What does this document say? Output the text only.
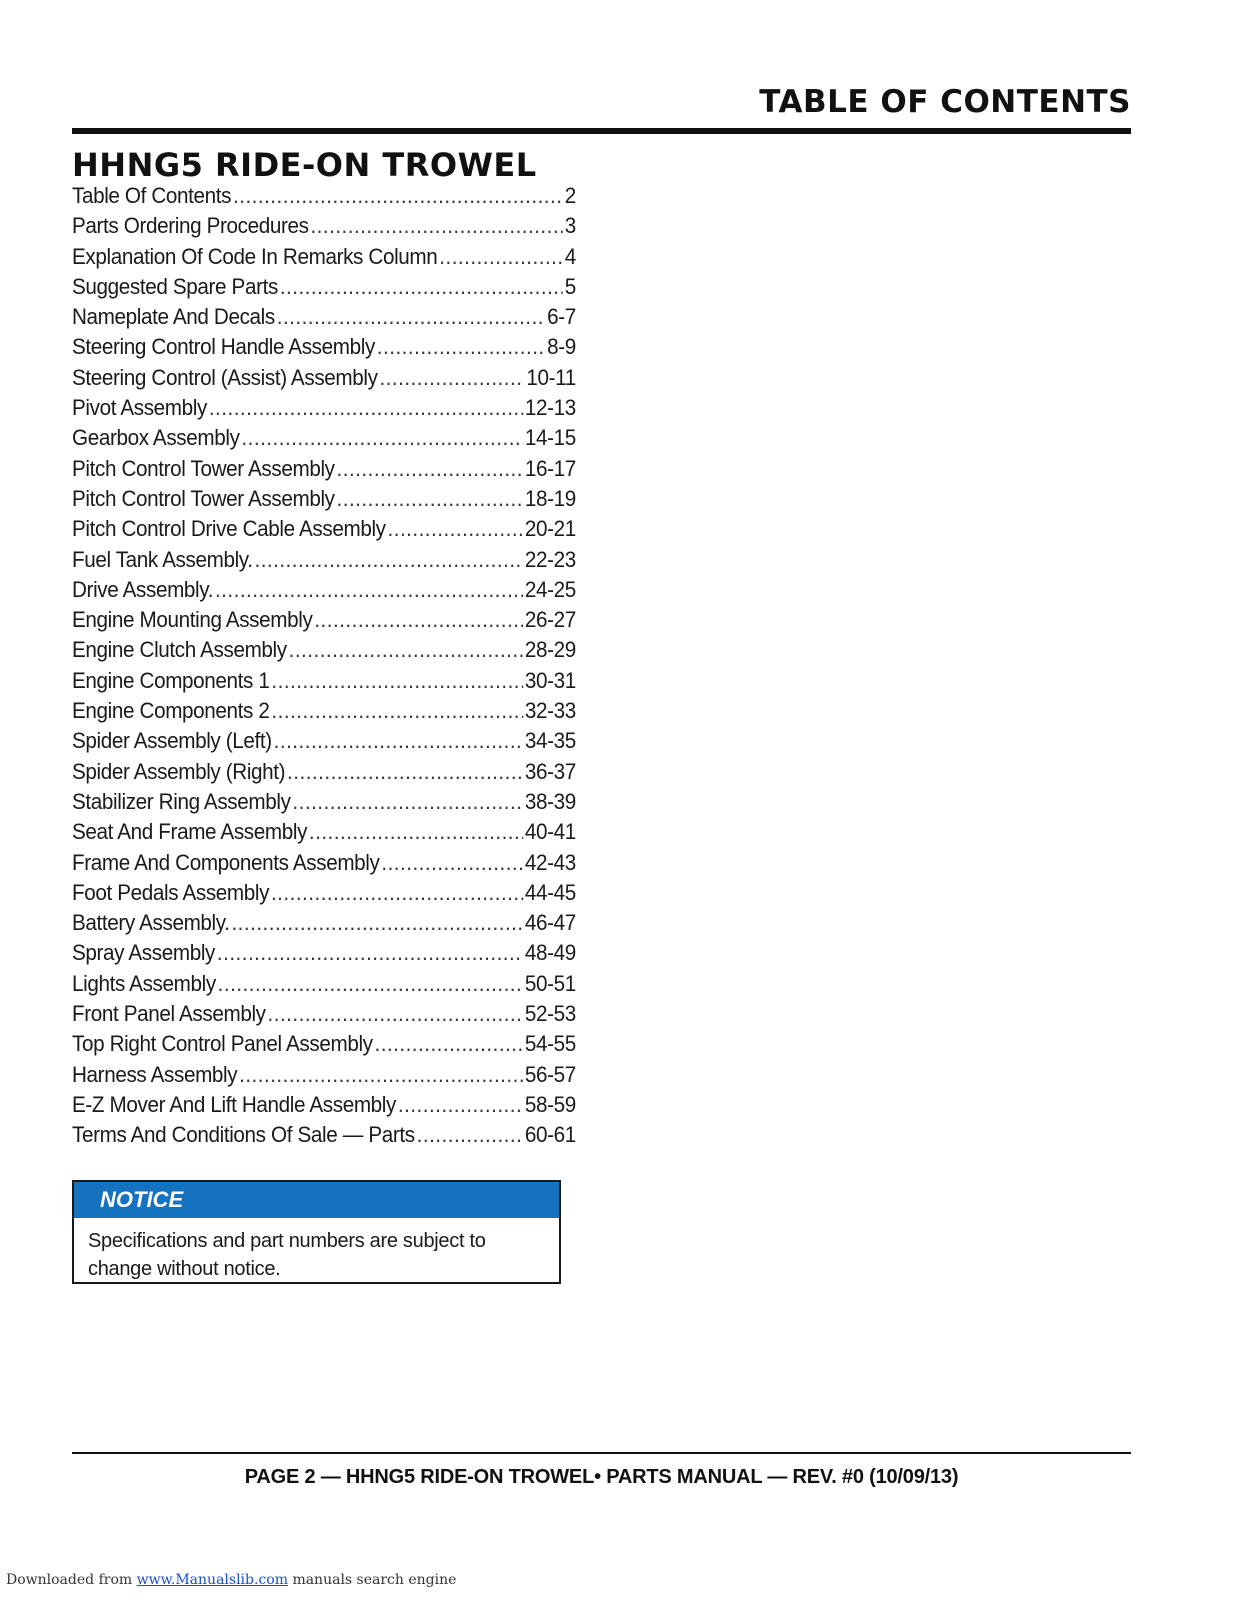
TABLE OF CONTENTS
HHNG5 RIDE-ON TROWEL
Table Of Contents .....	2
Parts Ordering Procedures .....	3
Explanation Of Code In Remarks Column .....	4
Suggested Spare Parts .....	5
Nameplate And Decals .....	6-7
Steering Control Handle Assembly .....	8-9
Steering Control (Assist) Assembly .....	10-11
Pivot Assembly .....	12-13
Gearbox Assembly .....	14-15
Pitch Control Tower Assembly .....	16-17
Pitch Control Tower Assembly .....	18-19
Pitch Control Drive Cable Assembly .....	20-21
Fuel Tank Assembly. .....	22-23
Drive Assembly. .....	24-25
Engine Mounting Assembly .....	26-27
Engine Clutch Assembly .....	28-29
Engine Components 1 .....	30-31
Engine Components 2 .....	32-33
Spider Assembly (Left) .....	34-35
Spider Assembly (Right) .....	36-37
Stabilizer Ring Assembly .....	38-39
Seat And Frame Assembly .....	40-41
Frame And Components Assembly .....	42-43
Foot Pedals Assembly .....	44-45
Battery Assembly. .....	46-47
Spray Assembly .....	48-49
Lights Assembly .....	50-51
Front Panel Assembly .....	52-53
Top Right Control Panel Assembly .....	54-55
Harness Assembly .....	56-57
E-Z Mover And Lift Handle Assembly .....	58-59
Terms And Conditions Of Sale — Parts .....	60-61
NOTICE
Specifications and part numbers are subject to change without notice.
PAGE 2 — HHNG5 RIDE-ON TROWEL• PARTS MANUAL — REV. #0 (10/09/13)
Downloaded from www.Manualslib.com manuals search engine
